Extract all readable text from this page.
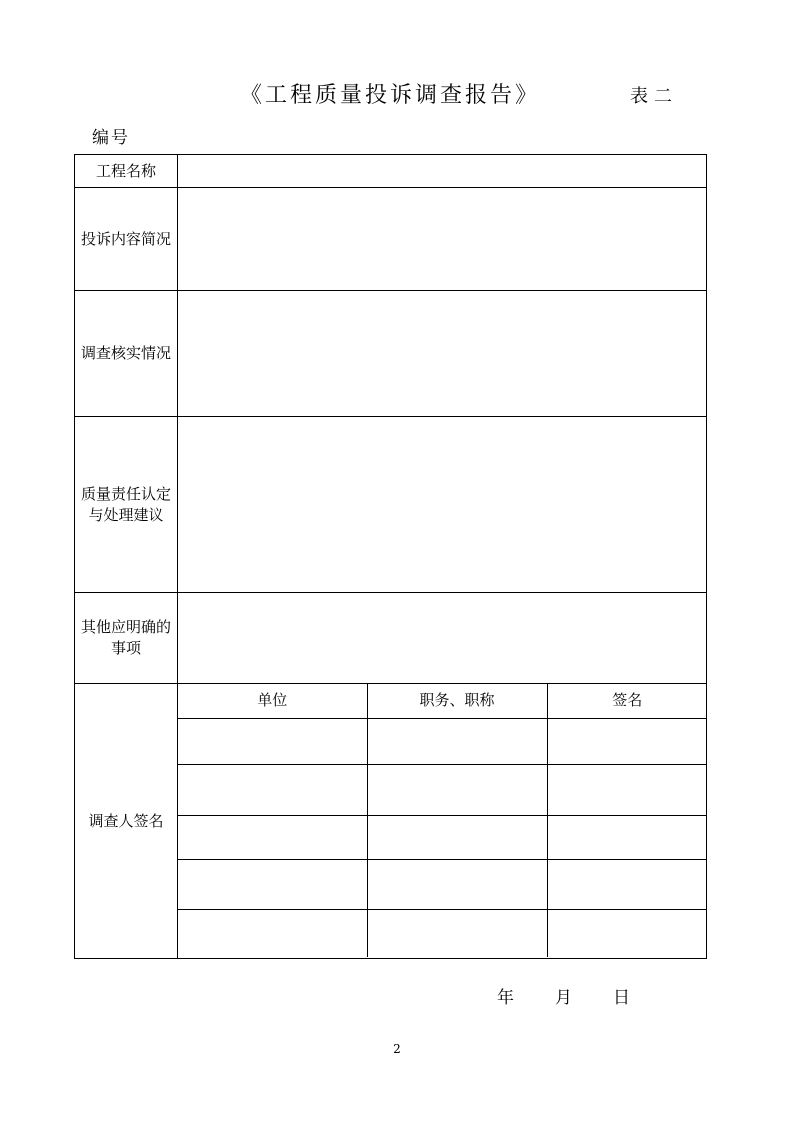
《工程质量投诉调查报告》	表二
编号
工程名称	
投诉内容简况	
调查核实情况	
质量责任认定与处理建议	
其他应明确的事项	
调查人签名	
单位	职务、职称	签名

年 月 日
2
